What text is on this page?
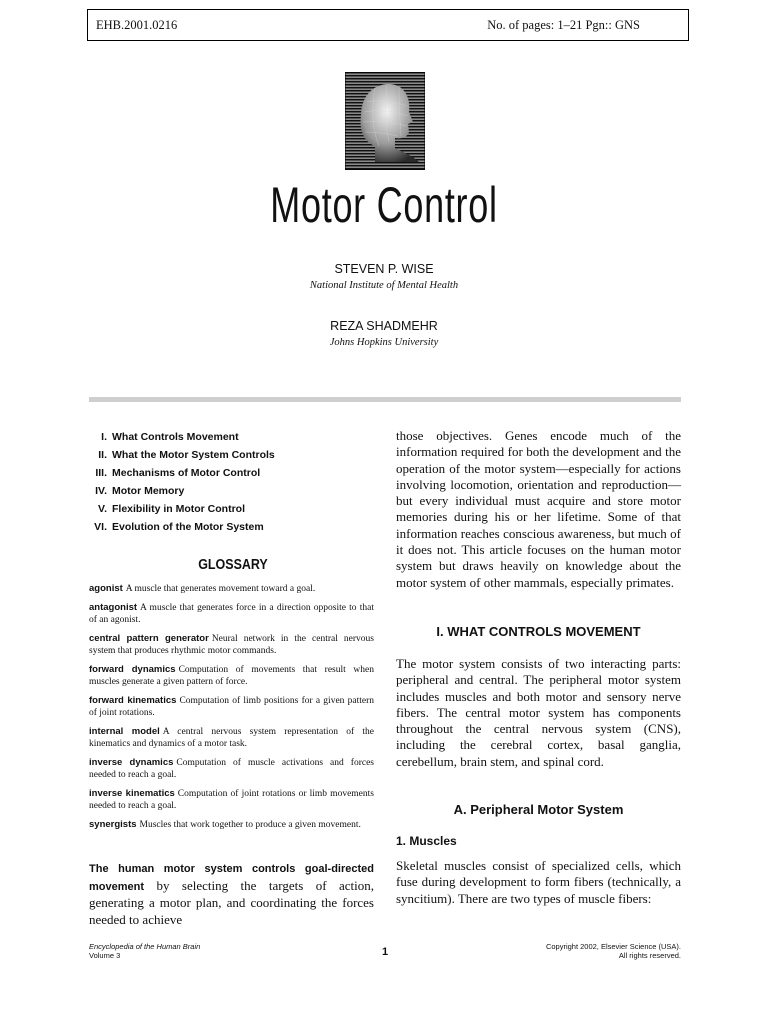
EHB.2001.0216	No. of pages: 1–21 Pgn:: GNS
Motor Control
STEVEN P. WISE
National Institute of Mental Health
REZA SHADMEHR
Johns Hopkins University
I. What Controls Movement
II. What the Motor System Controls
III. Mechanisms of Motor Control
IV. Motor Memory
V. Flexibility in Motor Control
VI. Evolution of the Motor System
GLOSSARY
agonist A muscle that generates movement toward a goal.
antagonist A muscle that generates force in a direction opposite to that of an agonist.
central pattern generator Neural network in the central nervous system that produces rhythmic motor commands.
forward dynamics Computation of movements that result when muscles generate a given pattern of force.
forward kinematics Computation of limb positions for a given pattern of joint rotations.
internal model A central nervous system representation of the kinematics and dynamics of a motor task.
inverse dynamics Computation of muscle activations and forces needed to reach a goal.
inverse kinematics Computation of joint rotations or limb movements needed to reach a goal.
synergists Muscles that work together to produce a given movement.
The human motor system controls goal-directed movement by selecting the targets of action, generating a motor plan, and coordinating the forces needed to achieve

those objectives. Genes encode much of the information required for both the development and the operation of the motor system—especially for actions involving locomotion, orientation and reproduction—but every individual must acquire and store motor memories during his or her lifetime. Some of that information reaches conscious awareness, but much of it does not. This article focuses on the human motor system but draws heavily on knowledge about the motor system of other mammals, especially primates.

I. WHAT CONTROLS MOVEMENT

The motor system consists of two interacting parts: peripheral and central. The peripheral motor system includes muscles and both motor and sensory nerve fibers. The central motor system has components throughout the central nervous system (CNS), including the cerebral cortex, basal ganglia, cerebellum, brain stem, and spinal cord.

A. Peripheral Motor System

1. Muscles

Skeletal muscles consist of specialized cells, which fuse during development to form fibers (technically, a syncitium). There are two types of muscle fibers:

Encyclopedia of the Human Brain
Volume 3	1	Copyright 2002, Elsevier Science (USA).
All rights reserved.
